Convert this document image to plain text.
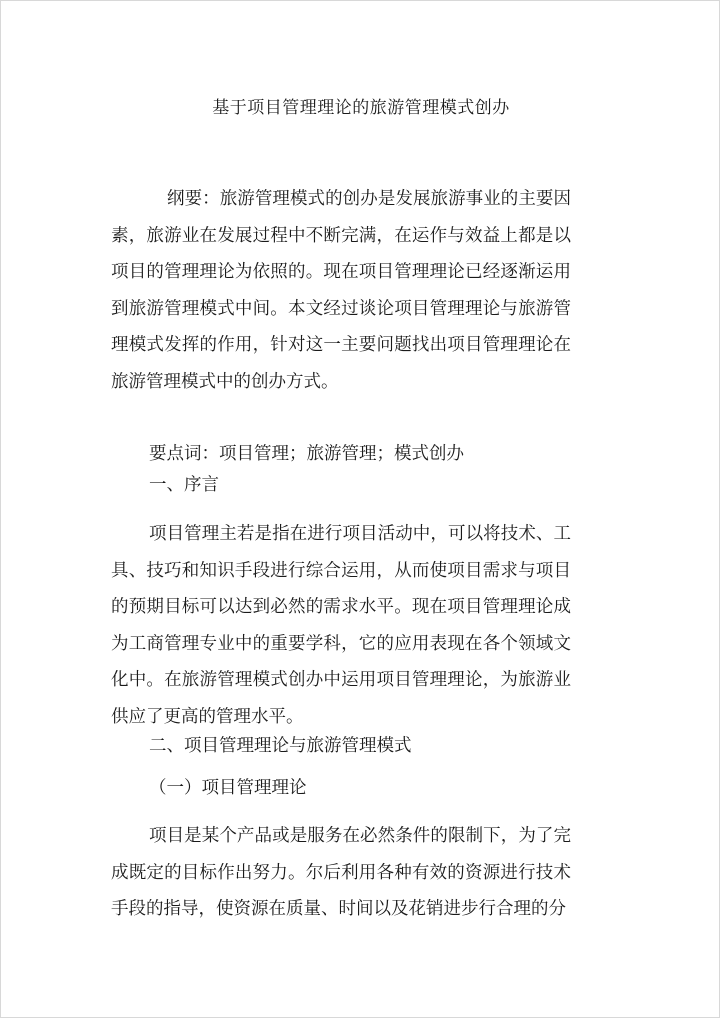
基于项目管理理论的旅游管理模式创办
纲要：旅游管理模式的创办是发展旅游事业的主要因素，旅游业在发展过程中不断完满，在运作与效益上都是以项目的管理理论为依照的。现在项目管理理论已经逐渐运用到旅游管理模式中间。本文经过谈论项目管理理论与旅游管理模式发挥的作用，针对这一主要问题找出项目管理理论在旅游管理模式中的创办方式。
要点词：项目管理；旅游管理；模式创办
一、序言
项目管理主若是指在进行项目活动中，可以将技术、工具、技巧和知识手段进行综合运用，从而使项目需求与项目的预期目标可以达到必然的需求水平。现在项目管理理论成为工商管理专业中的重要学科，它的应用表现在各个领域文化中。在旅游管理模式创办中运用项目管理理论，为旅游业供应了更高的管理水平。
二、项目管理理论与旅游管理模式
（一）项目管理理论
项目是某个产品或是服务在必然条件的限制下，为了完成既定的目标作出努力。尔后利用各种有效的资源进行技术手段的指导，使资源在质量、时间以及花销进步行合理的分
